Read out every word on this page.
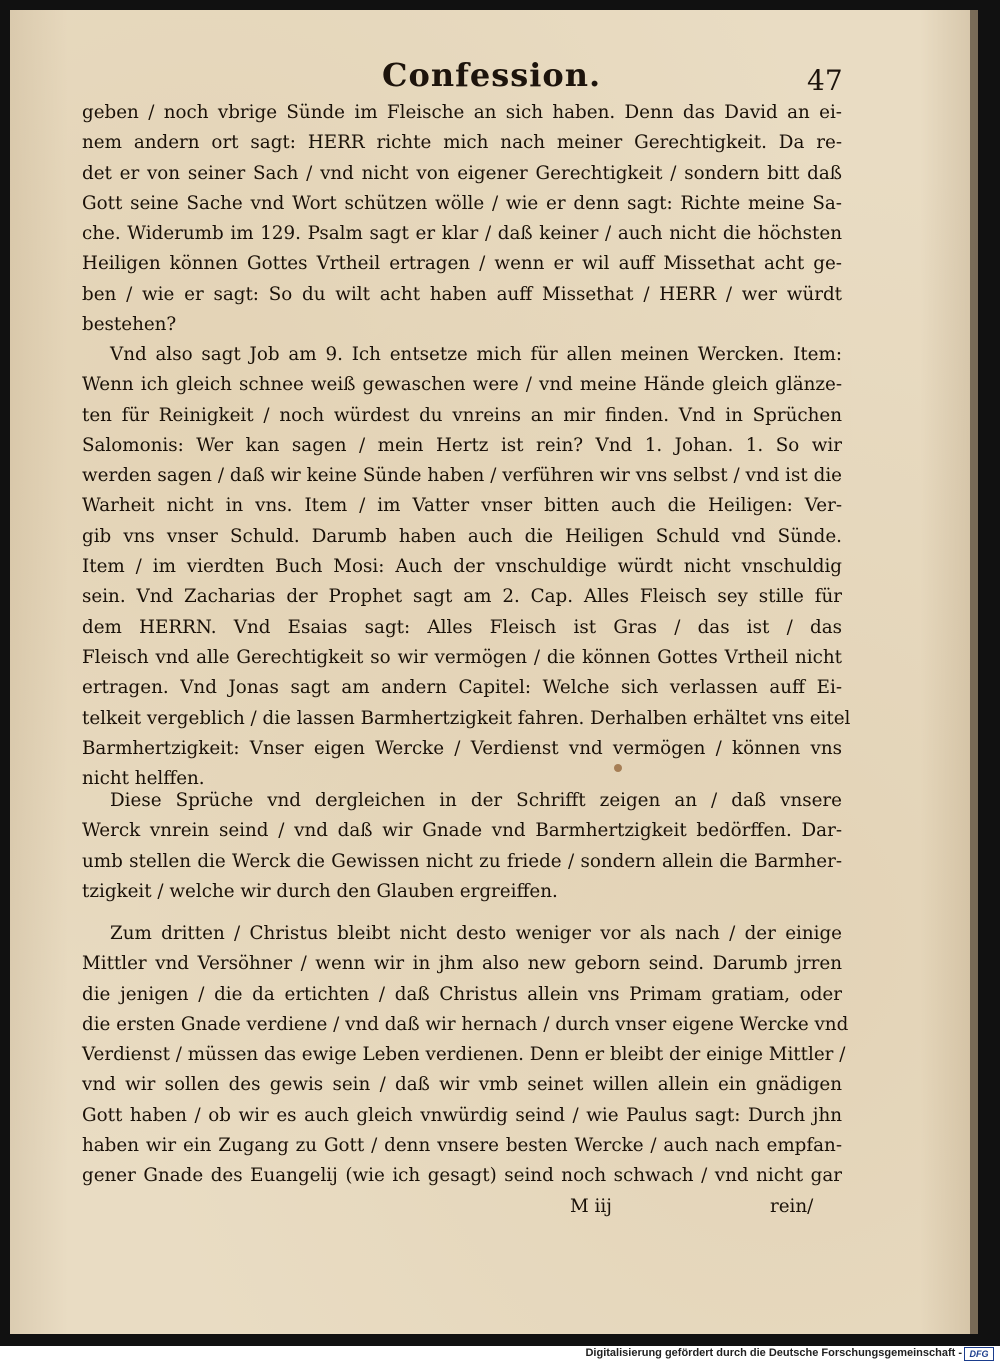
Confession.	47
geben / noch vbrige Sünde im Fleische an sich haben. Denn das David an ei-
nem andern ort sagt: HERR richte mich nach meiner Gerechtigkeit. Da re-
det er von seiner Sach / vnd nicht von eigener Gerechtigkeit / sondern bitt daß
Gott seine Sache vnd Wort schützen wölle / wie er denn sagt: Richte meine Sa-
che. Widerumb im 129. Psalm sagt er klar / daß keiner / auch nicht die höchsten
Heiligen können Gottes Vrtheil ertragen / wenn er wil auff Missethat acht ge-
ben / wie er sagt: So du wilt acht haben auff Missethat / HERR / wer würdt
bestehen?
Vnd also sagt Job am 9. Ich entsetze mich für allen meinen Wercken. Item:
Wenn ich gleich schnee weiß gewaschen were / vnd meine Hände gleich glänze-
ten für Reinigkeit / noch würdest du vnreins an mir finden. Vnd in Sprüchen
Salomonis: Wer kan sagen / mein Hertz ist rein? Vnd 1. Johan. 1. So wir
werden sagen / daß wir keine Sünde haben / verführen wir vns selbst / vnd ist die
Warheit nicht in vns. Item / im Vatter vnser bitten auch die Heiligen: Ver-
gib vns vnser Schuld. Darumb haben auch die Heiligen Schuld vnd Sünde.
Item / im vierdten Buch Mosi: Auch der vnschuldige würdt nicht vnschuldig
sein. Vnd Zacharias der Prophet sagt am 2. Cap. Alles Fleisch sey stille für
dem HERRN. Vnd Esaias sagt: Alles Fleisch ist Gras / das ist / das
Fleisch vnd alle Gerechtigkeit so wir vermögen / die können Gottes Vrtheil nicht
ertragen. Vnd Jonas sagt am andern Capitel: Welche sich verlassen auff Ei-
telkeit vergeblich / die lassen Barmhertzigkeit fahren. Derhalben erhältet vns eitel
Barmhertzigkeit: Vnser eigen Wercke / Verdienst vnd vermögen / können vns
nicht helffen.
Diese Sprüche vnd dergleichen in der Schrifft zeigen an / daß vnsere
Werck vnrein seind / vnd daß wir Gnade vnd Barmhertzigkeit bedörffen. Dar-
umb stellen die Werck die Gewissen nicht zu friede / sondern allein die Barmher-
tzigkeit / welche wir durch den Glauben ergreiffen.
Zum dritten / Christus bleibt nicht desto weniger vor als nach / der einige
Mittler vnd Versöhner / wenn wir in jhm also new geborn seind. Darumb jrren
die jenigen / die da ertichten / daß Christus allein vns Primam gratiam, oder
die ersten Gnade verdiene / vnd daß wir hernach / durch vnser eigene Wercke vnd
Verdienst / müssen das ewige Leben verdienen. Denn er bleibt der einige Mittler /
vnd wir sollen des gewis sein / daß wir vmb seinet willen allein ein gnädigen
Gott haben / ob wir es auch gleich vnwürdig seind / wie Paulus sagt: Durch jhn
haben wir ein Zugang zu Gott / denn vnsere besten Wercke / auch nach empfan-
gener Gnade des Euangelij (wie ich gesagt) seind noch schwach / vnd nicht gar
M iij	rein/
Digitalisierung gefördert durch die Deutsche Forschungsgemeinschaft - DFG
